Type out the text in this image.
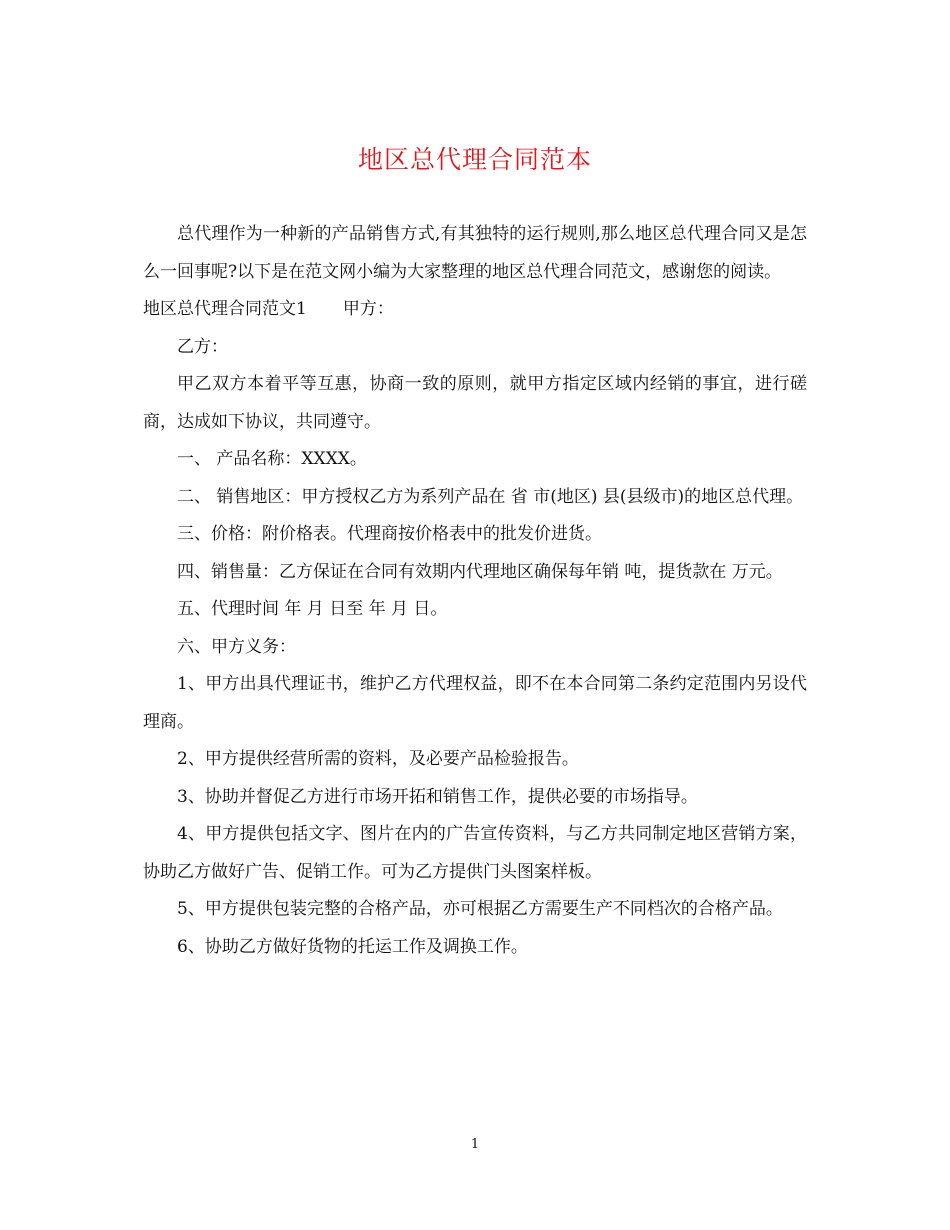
地区总代理合同范本

总代理作为一种新的产品销售方式,有其独特的运行规则,那么地区总代理合同又是怎么一回事呢?以下是在范文网小编为大家整理的地区总代理合同范文，感谢您的阅读。

地区总代理合同范文1 甲方：

乙方：

甲乙双方本着平等互惠，协商一致的原则，就甲方指定区域内经销的事宜，进行磋商，达成如下协议，共同遵守。

一、 产品名称：XXXX。

二、 销售地区：甲方授权乙方为系列产品在 省 市(地区) 县(县级市)的地区总代理。

三、价格：附价格表。代理商按价格表中的批发价进货。

四、销售量：乙方保证在合同有效期内代理地区确保每年销 吨，提货款在 万元。

五、代理时间 年 月 日至 年 月 日。

六、甲方义务：

1、甲方出具代理证书，维护乙方代理权益，即不在本合同第二条约定范围内另设代理商。

2、甲方提供经营所需的资料，及必要产品检验报告。

3、协助并督促乙方进行市场开拓和销售工作，提供必要的市场指导。

4、甲方提供包括文字、图片在内的广告宣传资料，与乙方共同制定地区营销方案，协助乙方做好广告、促销工作。可为乙方提供门头图案样板。

5、甲方提供包装完整的合格产品，亦可根据乙方需要生产不同档次的合格产品。

6、协助乙方做好货物的托运工作及调换工作。

1
